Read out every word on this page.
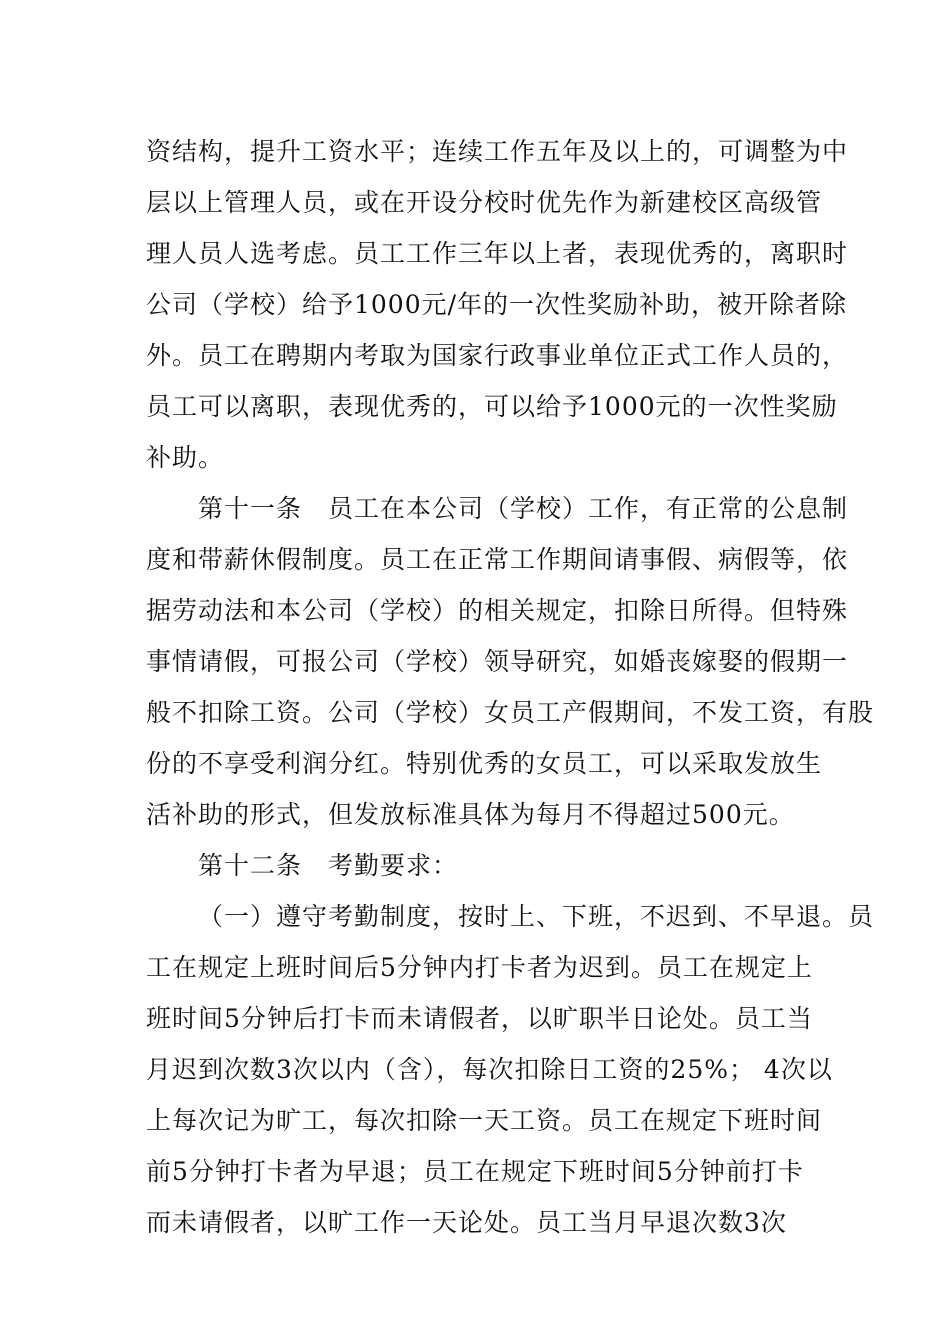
资结构，提升工资水平；连续工作五年及以上的，可调整为中
层以上管理人员，或在开设分校时优先作为新建校区高级管
理人员人选考虑。员工工作三年以上者，表现优秀的，离职时
公司（学校）给予1000元/年的一次性奖励补助，被开除者除
外。员工在聘期内考取为国家行政事业单位正式工作人员的，
员工可以离职，表现优秀的，可以给予1000元的一次性奖励
补助。
第十一条　员工在本公司（学校）工作，有正常的公息制
度和带薪休假制度。员工在正常工作期间请事假、病假等，依
据劳动法和本公司（学校）的相关规定，扣除日所得。但特殊
事情请假，可报公司（学校）领导研究，如婚丧嫁娶的假期一
般不扣除工资。公司（学校）女员工产假期间，不发工资，有股
份的不享受利润分红。特别优秀的女员工，可以采取发放生
活补助的形式，但发放标准具体为每月不得超过500元。
第十二条　考勤要求：
（一）遵守考勤制度，按时上、下班，不迟到、不早退。员
工在规定上班时间后5分钟内打卡者为迟到。员工在规定上
班时间5分钟后打卡而未请假者，以旷职半日论处。员工当
月迟到次数3次以内（含），每次扣除日工资的25%； 4次以
上每次记为旷工，每次扣除一天工资。员工在规定下班时间
前5分钟打卡者为早退；员工在规定下班时间5分钟前打卡
而未请假者，以旷工作一天论处。员工当月早退次数3次
